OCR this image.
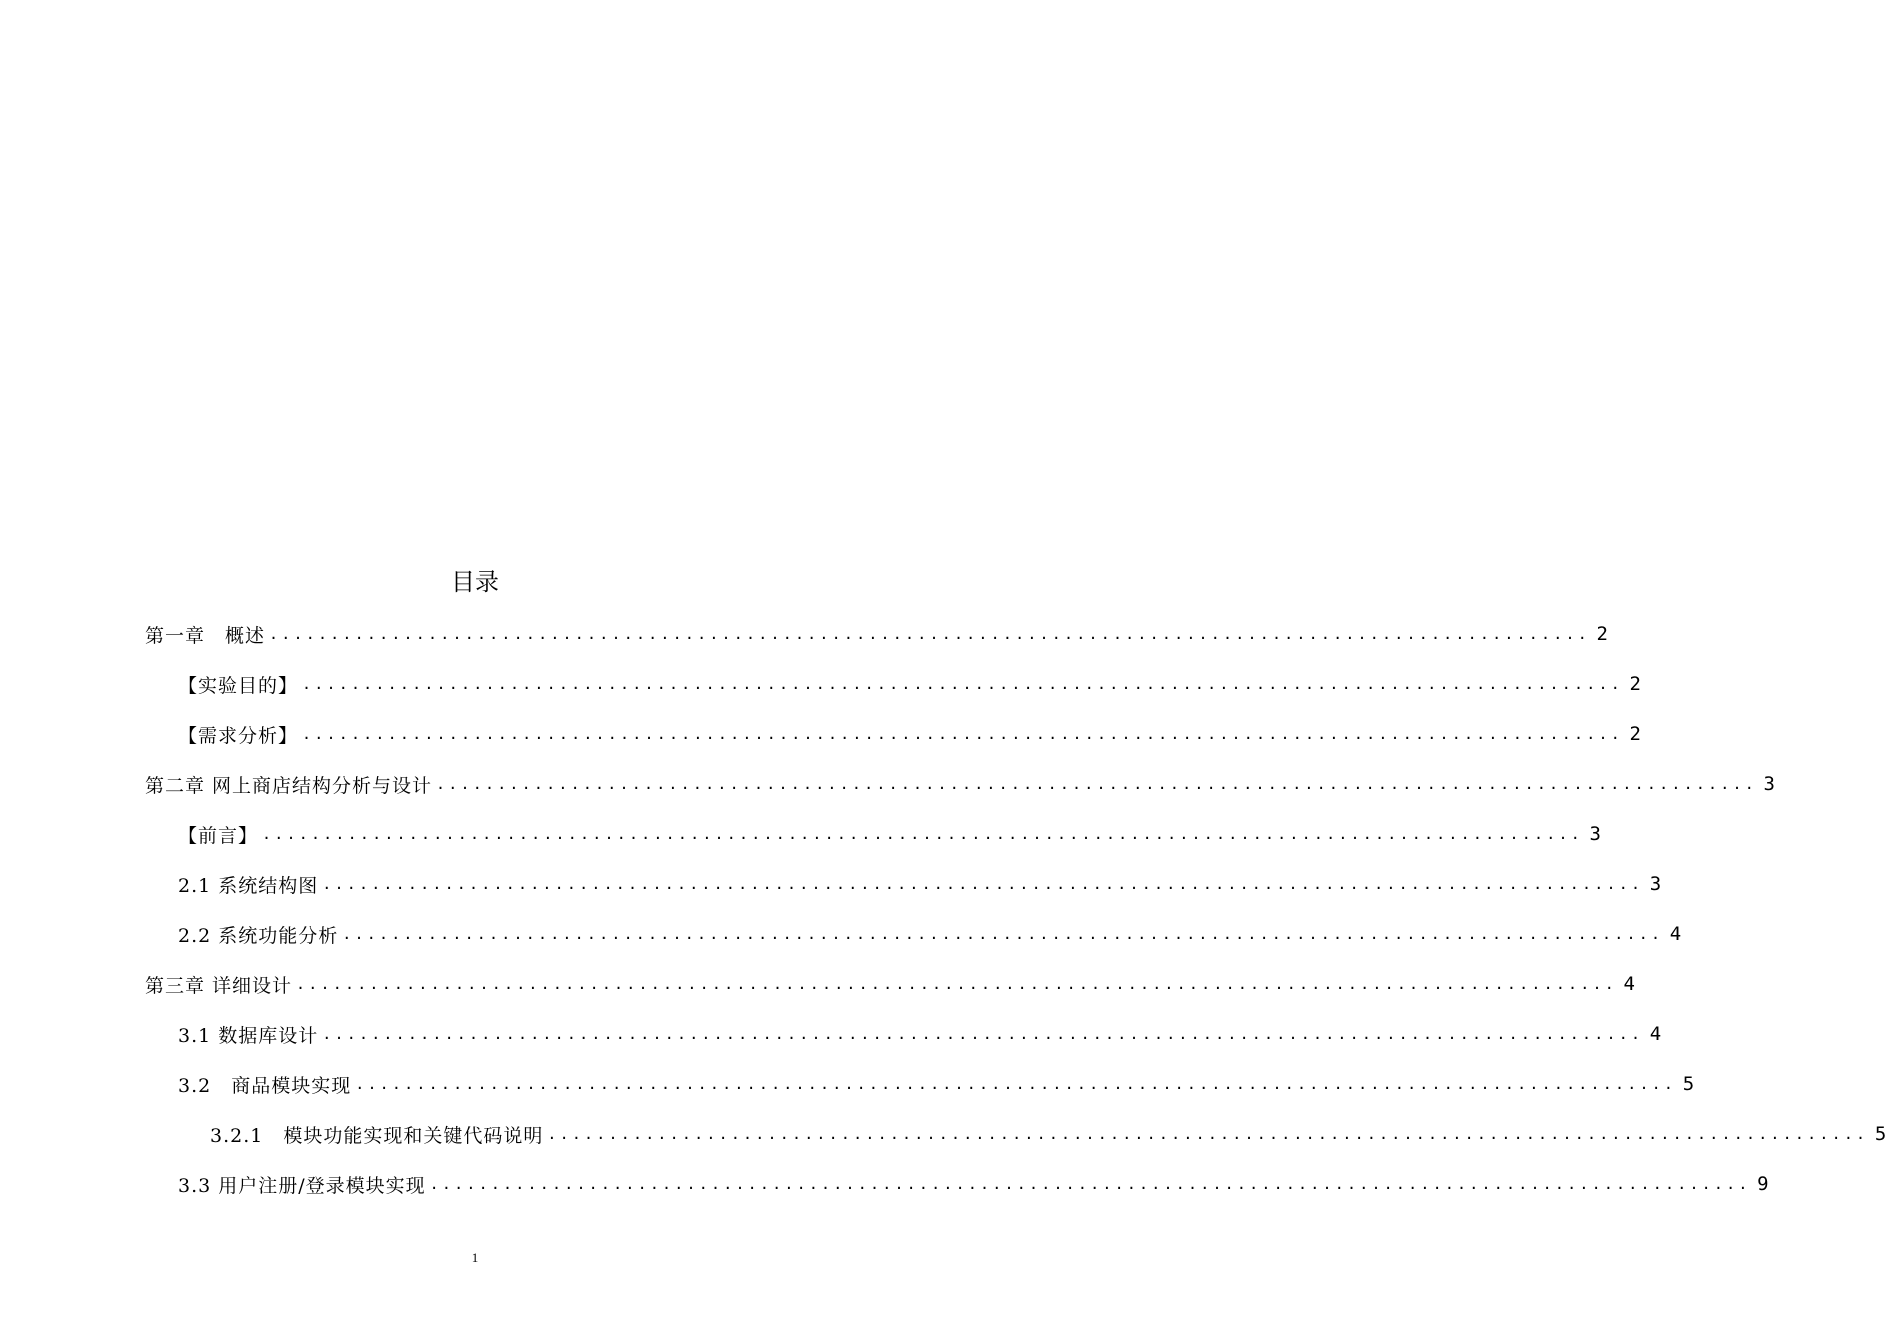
目录
第一章　概述 ............................................................................................................ 2
【实验目的】 ............................................................................................................ 2
【需求分析】 ............................................................................................................ 2
第二章 网上商店结构分析与设计 ............................................................................................................ 3
【前言】 ............................................................................................................ 3
2.1 系统结构图 ............................................................................................................ 3
2.2 系统功能分析 ............................................................................................................ 4
第三章 详细设计 ............................................................................................................ 4
3.1 数据库设计 ............................................................................................................ 4
3.2　商品模块实现 ............................................................................................................ 5
3.2.1　模块功能实现和关键代码说明 ............................................................................................................ 5
3.3 用户注册/登录模块实现 ............................................................................................................ 9
1
